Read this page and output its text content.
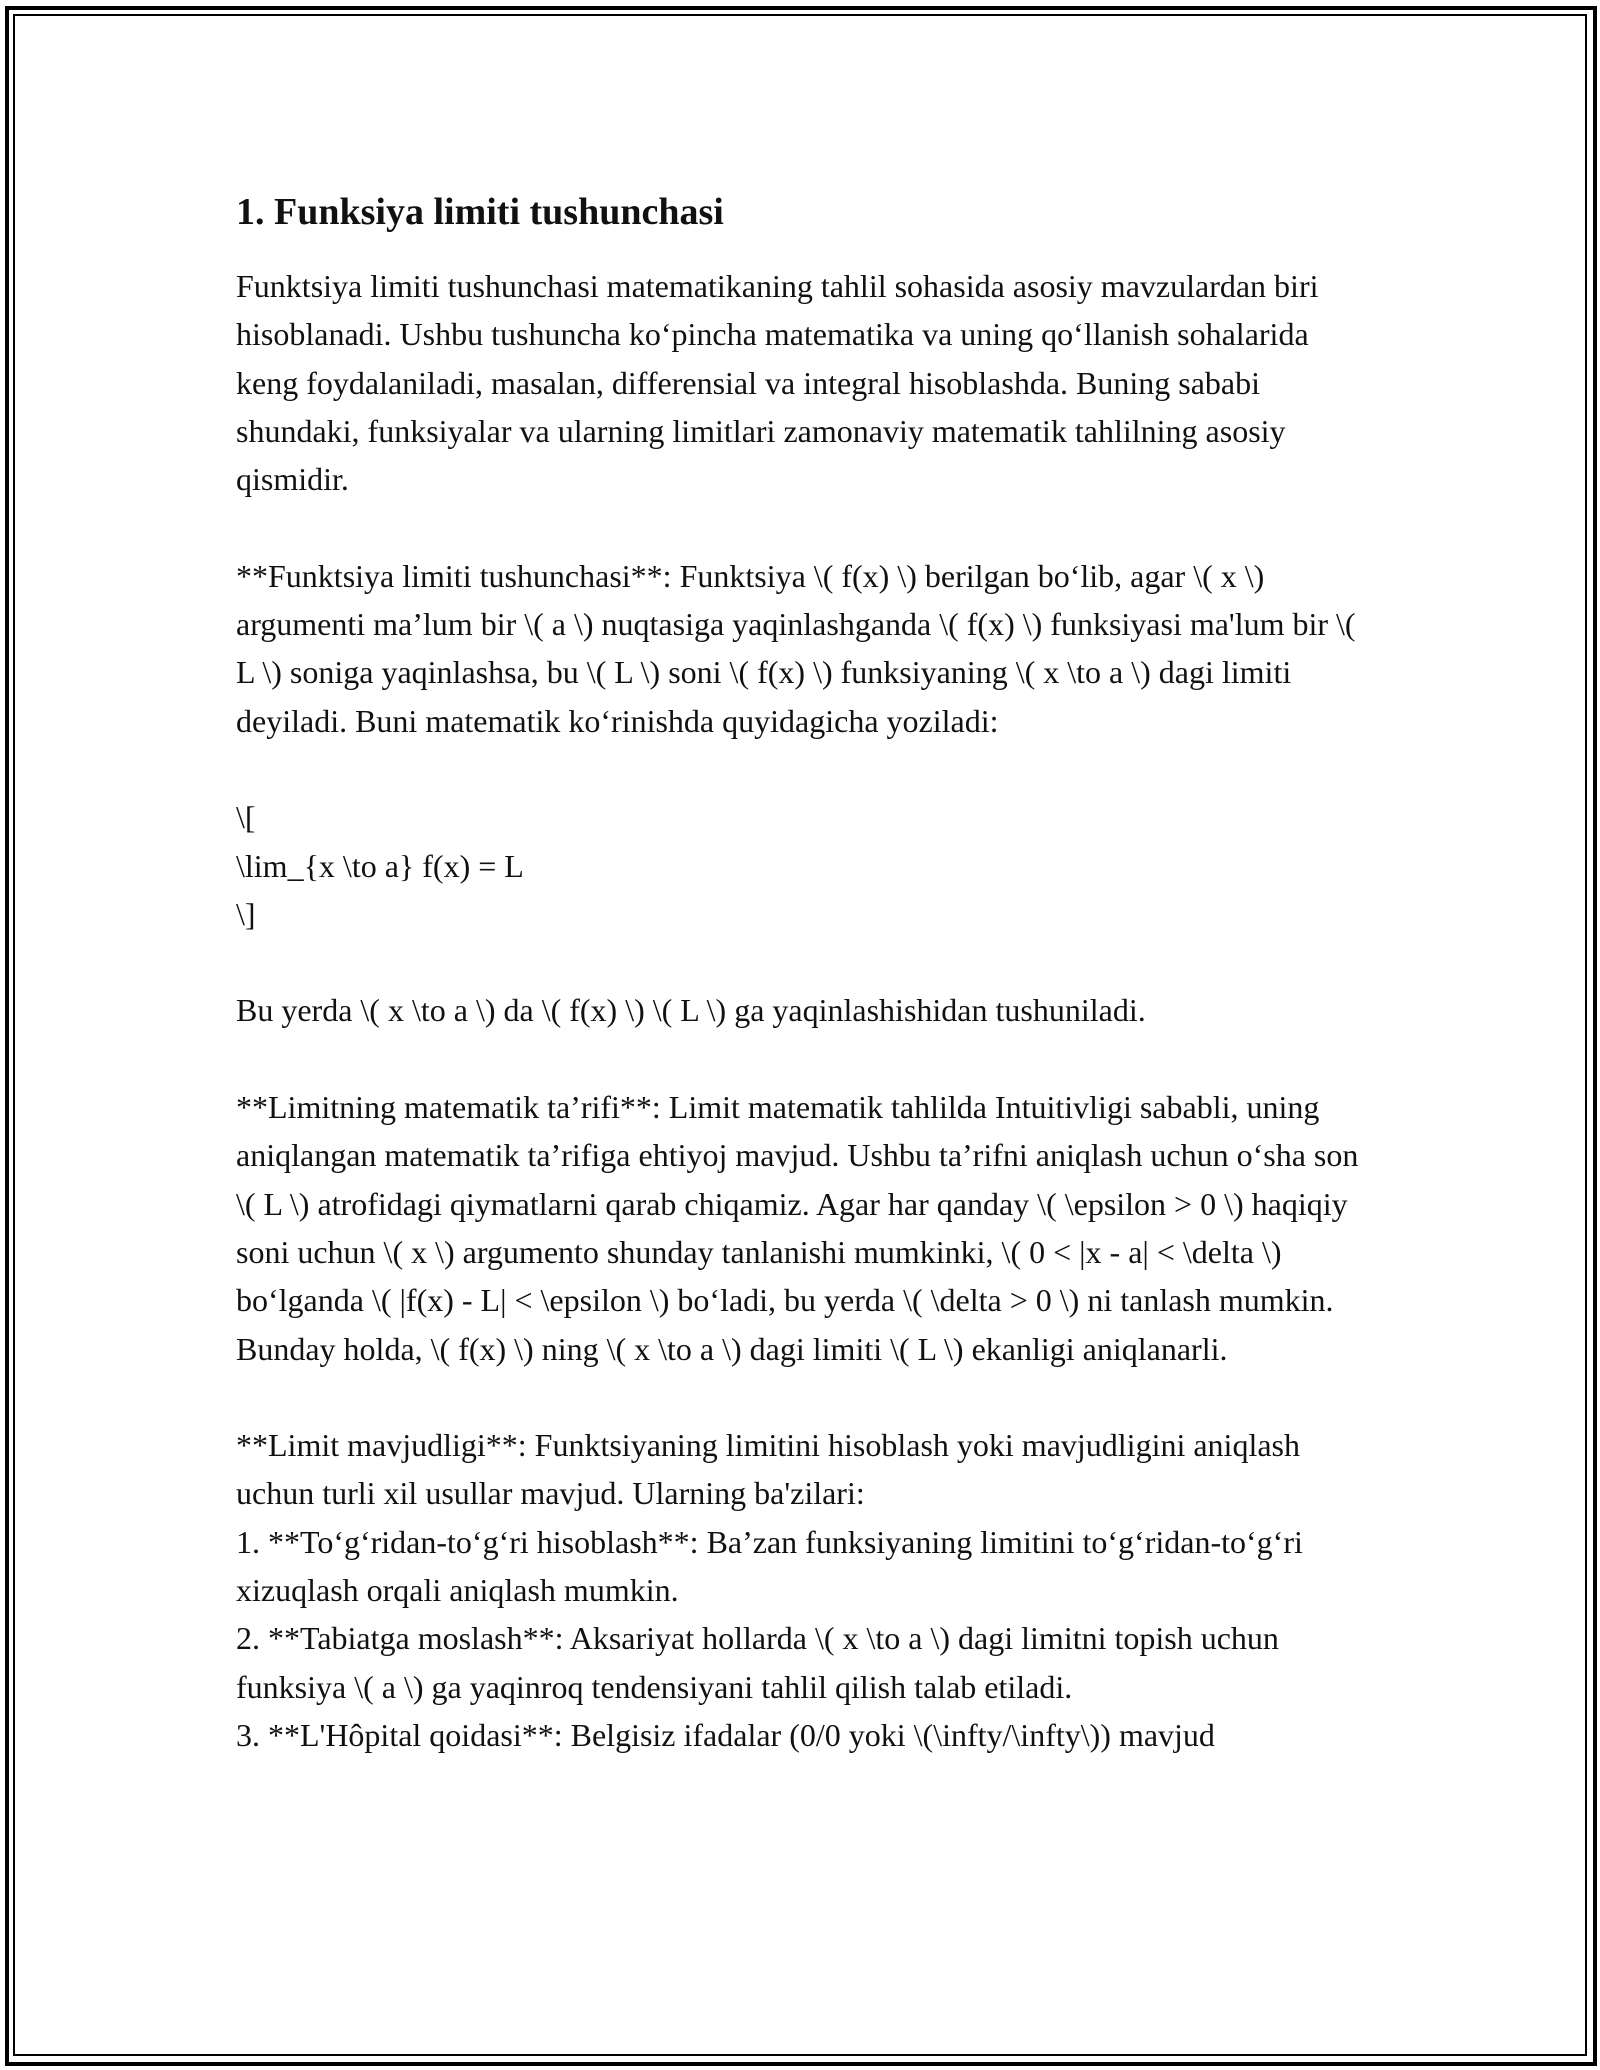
1. Funksiya limiti tushunchasi

Funktsiya limiti tushunchasi matematikaning tahlil sohasida asosiy mavzulardan biri hisoblanadi. Ushbu tushuncha ko‘pincha matematika va uning qo‘llanish sohalarida keng foydalaniladi, masalan, differensial va integral hisoblashda. Buning sababi shundaki, funksiyalar va ularning limitlari zamonaviy matematik tahlilning asosiy qismidir.

**Funktsiya limiti tushunchasi**: Funktsiya \( f(x) \) berilgan bo‘lib, agar \( x \) argumenti ma’lum bir \( a \) nuqtasiga yaqinlashganda \( f(x) \) funksiyasi ma'lum bir \( L \) soniga yaqinlashsa, bu \( L \) soni \( f(x) \) funksiyaning \( x \to a \) dagi limiti deyiladi. Buni matematik ko‘rinishda quyidagicha yoziladi:

\[
\lim_{x \to a} f(x) = L
\]

Bu yerda \( x \to a \) da \( f(x) \) \( L \) ga yaqinlashishidan tushuniladi.

**Limitning matematik ta’rifi**: Limit matematik tahlilda Intuitivligi sababli, uning aniqlangan matematik ta’rifiga ehtiyoj mavjud. Ushbu ta’rifni aniqlash uchun o‘sha son \( L \) atrofidagi qiymatlarni qarab chiqamiz. Agar har qanday \( \epsilon > 0 \) haqiqiy soni uchun \( x \) argumento shunday tanlanishi mumkinki, \( 0 < |x - a| < \delta \) bo‘lganda \( |f(x) - L| < \epsilon \) bo‘ladi, bu yerda \( \delta > 0 \) ni tanlash mumkin. Bunday holda, \( f(x) \) ning \( x \to a \) dagi limiti \( L \) ekanligi aniqlanarli.

**Limit mavjudligi**: Funktsiyaning limitini hisoblash yoki mavjudligini aniqlash uchun turli xil usullar mavjud. Ularning ba'zilari:

1. **To‘g‘ridan-to‘g‘ri hisoblash**: Ba’zan funksiyaning limitini to‘g‘ridan-to‘g‘ri xizuqlash orqali aniqlash mumkin.

2. **Tabiatga moslash**: Aksariyat hollarda \( x \to a \) dagi limitni topish uchun funksiya \( a \) ga yaqinroq tendensiyani tahlil qilish talab etiladi.

3. **L'Hôpital qoidasi**: Belgisiz ifadalar (0/0 yoki \(\infty/\infty\)) mavjud
